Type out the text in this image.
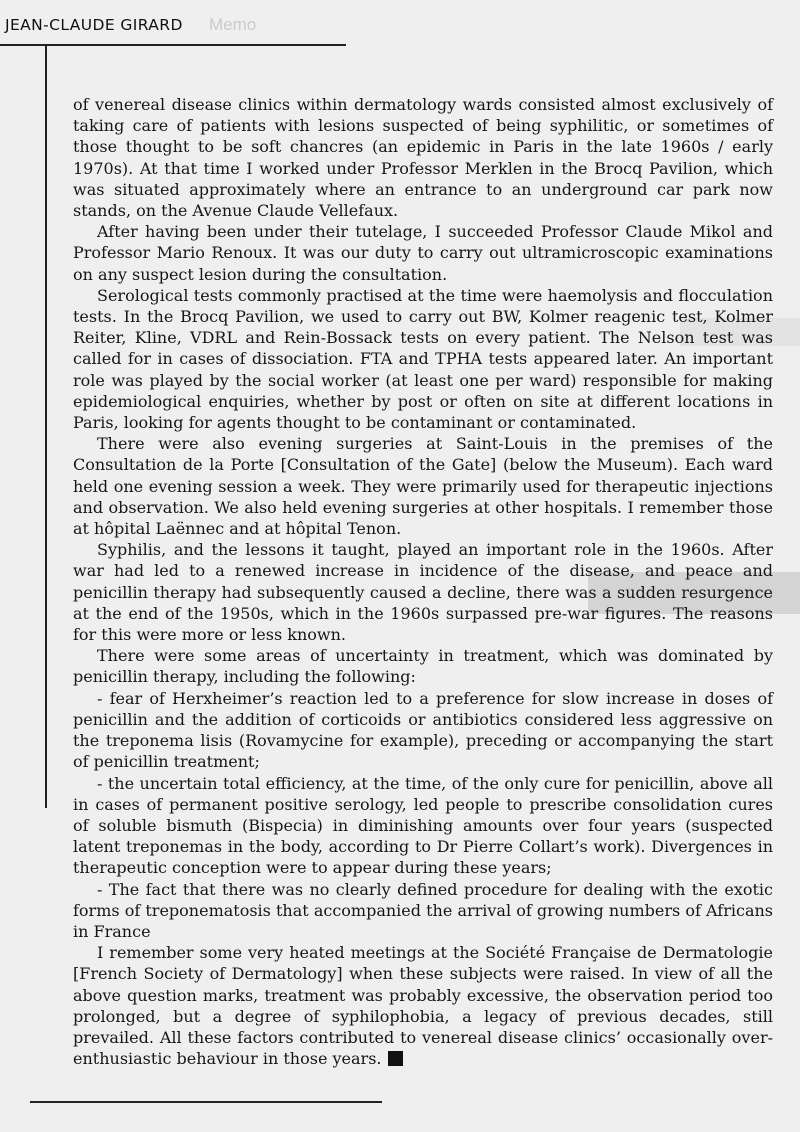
JEAN-CLAUDE GIRARD Memo

of venereal disease clinics within dermatology wards consisted almost exclusively of taking care of patients with lesions suspected of being syphilitic, or sometimes of those thought to be soft chancres (an epidemic in Paris in the late 1960s / early 1970s). At that time I worked under Professor Merklen in the Brocq Pavilion, which was situated approximately where an entrance to an underground car park now stands, on the Avenue Claude Vellefaux.

After having been under their tutelage, I succeeded Professor Claude Mikol and Professor Mario Renoux. It was our duty to carry out ultramicroscopic examinations on any suspect lesion during the consultation.

Serological tests commonly practised at the time were haemolysis and flocculation tests. In the Brocq Pavilion, we used to carry out BW, Kolmer reagenic test, Kolmer Reiter, Kline, VDRL and Rein-Bossack tests on every patient. The Nelson test was called for in cases of dissociation. FTA and TPHA tests appeared later. An important role was played by the social worker (at least one per ward) responsible for making epidemiological enquiries, whether by post or often on site at different locations in Paris, looking for agents thought to be contaminant or contaminated.

There were also evening surgeries at Saint-Louis in the premises of the Consultation de la Porte [Consultation of the Gate] (below the Museum). Each ward held one evening session a week. They were primarily used for therapeutic injections and observation. We also held evening surgeries at other hospitals. I remember those at hôpital Laënnec and at hôpital Tenon.

Syphilis, and the lessons it taught, played an important role in the 1960s. After war had led to a renewed increase in incidence of the disease, and peace and penicillin therapy had subsequently caused a decline, there was a sudden resurgence at the end of the 1950s, which in the 1960s surpassed pre-war figures. The reasons for this were more or less known.

There were some areas of uncertainty in treatment, which was dominated by penicillin therapy, including the following:

- fear of Herxheimer’s reaction led to a preference for slow increase in doses of penicillin and the addition of corticoids or antibiotics considered less aggressive on the treponema lisis (Rovamycine for example), preceding or accompanying the start of penicillin treatment;

- the uncertain total efficiency, at the time, of the only cure for penicillin, above all in cases of permanent positive serology, led people to prescribe consolidation cures of soluble bismuth (Bispecia) in diminishing amounts over four years (suspected latent treponemas in the body, according to Dr Pierre Collart’s work). Divergences in therapeutic conception were to appear during these years;

- The fact that there was no clearly defined procedure for dealing with the exotic forms of treponematosis that accompanied the arrival of growing numbers of Africans in France

I remember some very heated meetings at the Société Française de Dermatologie [French Society of Dermatology] when these subjects were raised. In view of all the above question marks, treatment was probably excessive, the observation period too prolonged, but a degree of syphilophobia, a legacy of previous decades, still prevailed. All these factors contributed to venereal disease clinics’ occasionally over-enthusiastic behaviour in those years.
